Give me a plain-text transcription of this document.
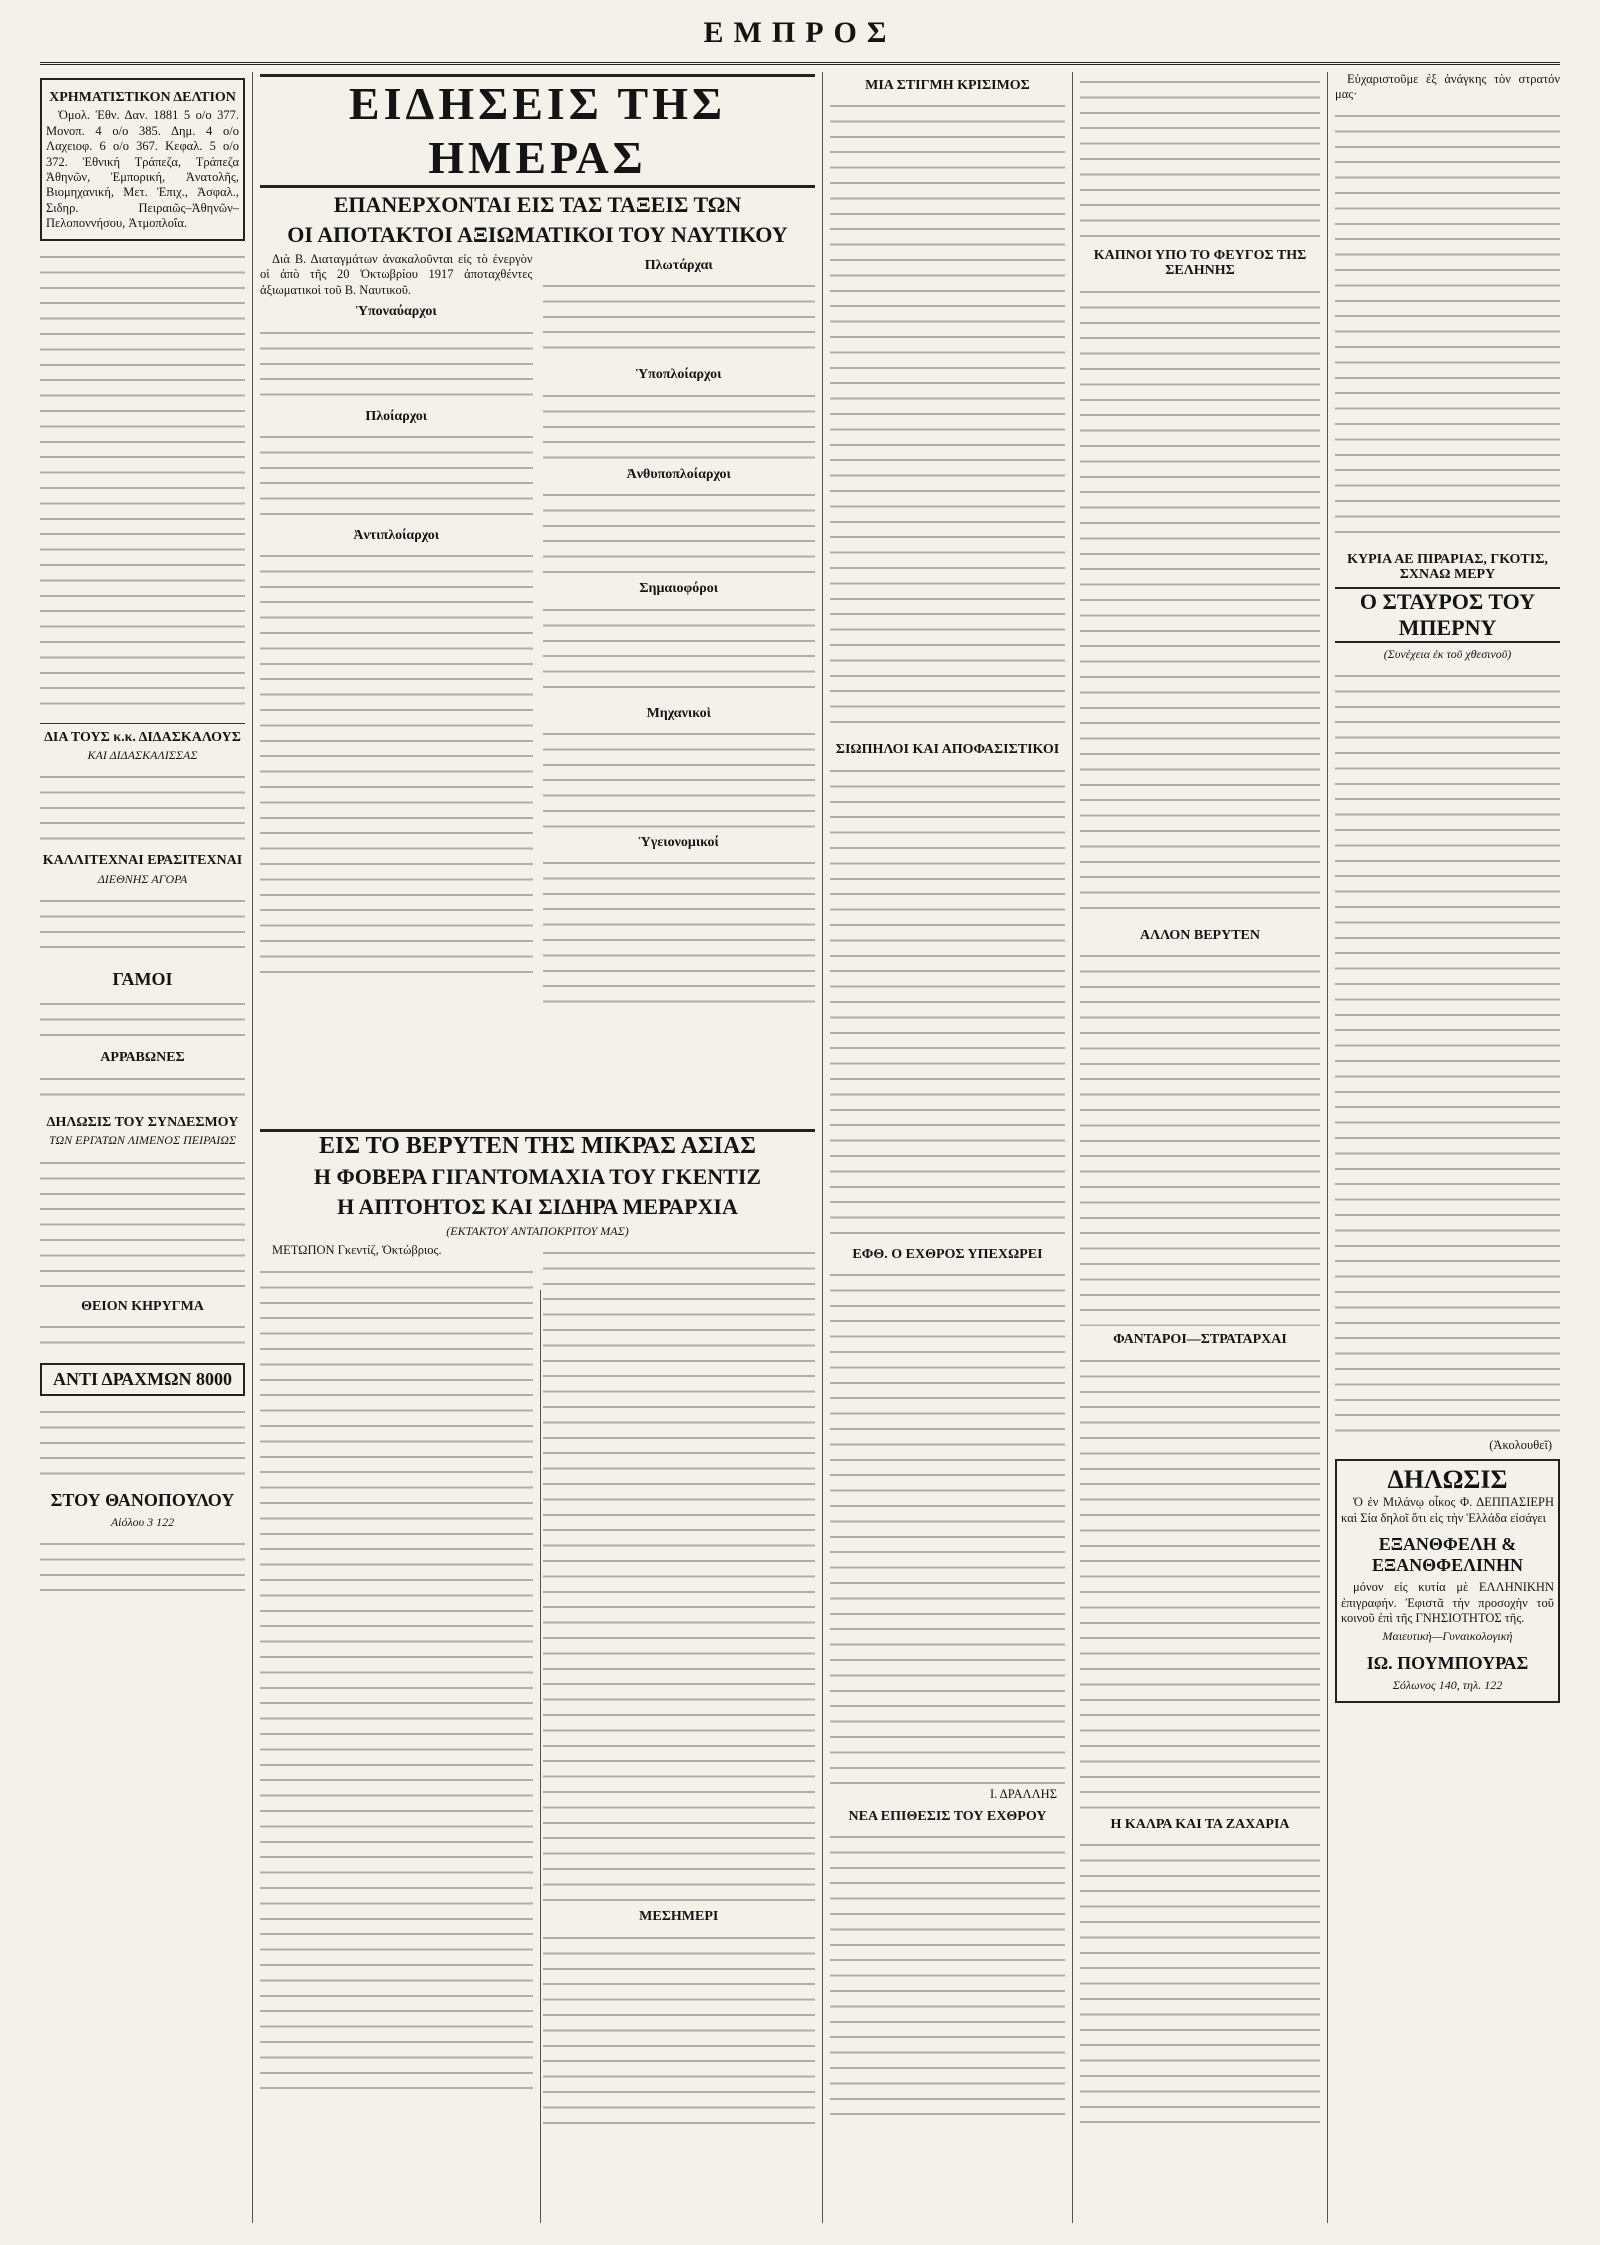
ΕΜΠΡΟΣ
ΧΡΗΜΑΤΙΣΤΙΚΟΝ ΔΕΛΤΙΟΝ

Ὁμολ. Ἐθν. Δαν. 1881 5 ο/ο 377. Μονοπ. 4 ο/ο 385. Δημ. 4 ο/ο Λαχειοφ. 6 ο/ο 367. Κεφαλ. 5 ο/ο 372. Ἐθνική Τράπεζα, Τράπεζα Ἀθηνῶν, Ἐμπορική, Ἀνατολῆς, Βιομηχανική, Μετ. Ἐπιχ., Ἀσφαλ., Σιδηρ. Πειραιῶς–Ἀθηνῶν–Πελοποννήσου, Ἀτμοπλοΐα.

ΔΙΑ ΤΟΥΣ κ.κ. ΔΙΔΑΣΚΑΛΟΥΣ
ΚΑΙ ΔΙΔΑΣΚΑΛΙΣΣΑΣ
ΚΑΛΛΙΤΕΧΝΑΙ ΕΡΑΣΙΤΕΧΝΑΙ
ΔΙΕΘΝΗΣ ΑΓΟΡΑ
ΓΑΜΟΙ
ΑΡΡΑΒΩΝΕΣ
ΔΗΛΩΣΙΣ ΤΟΥ ΣΥΝΔΕΣΜΟΥ
ΤΩΝ ΕΡΓΑΤΩΝ ΛΙΜΕΝΟΣ ΠΕΙΡΑΙΩΣ
ΘΕΙΟΝ ΚΗΡΥΓΜΑ
ΑΝΤΙ ΔΡΑΧΜΩΝ 8000
ΣΤΟΥ ΘΑΝΟΠΟΥΛΟΥ
Αἰόλου 3 122
ΕΙΔΗΣΕΙΣ ΤΗΣ ΗΜΕΡΑΣ
ΕΠΑΝΕΡΧΟΝΤΑΙ ΕΙΣ ΤΑΣ ΤΑΞΕΙΣ ΤΩΝ
ΟΙ ΑΠΟΤΑΚΤΟΙ ΑΞΙΩΜΑΤΙΚΟΙ ΤΟΥ ΝΑΥΤΙΚΟΥ

Διὰ Β. Διαταγμάτων ἀνακαλοῦνται εἰς τὸ ἐνεργὸν οἱ ἀπὸ τῆς 20 Ὀκτωβρίου 1917 ἀποταχθέντες ἀξιωματικοὶ τοῦ Β. Ναυτικοῦ.

Ὑποναύαρχοι
Πλοίαρχοι
Ἀντιπλοίαρχοι
Πλωτάρχαι
Ὑποπλοίαρχοι
Ἀνθυποπλοίαρχοι
Σημαιοφόροι
Μηχανικοὶ
Ὑγειονομικοί
ΕΙΣ ΤΟ ΒΕΡΥΤΕΝ ΤΗΣ ΜΙΚΡΑΣ ΑΣΙΑΣ
Η ΦΟΒΕΡΑ ΓΙΓΑΝΤΟΜΑΧΙΑ ΤΟΥ ΓΚΕΝΤΙΖ
Η ΑΠΤΟΗΤΟΣ ΚΑΙ ΣΙΔΗΡΑ ΜΕΡΑΡΧΙΑ
(ΕΚΤΑΚΤΟΥ ΑΝΤΑΠΟΚΡΙΤΟΥ ΜΑΣ)

ΜΕΤΩΠΟΝ Γκεντίζ, Ὀκτώβριος.

ΜΕΣΗΜΕΡΙ
ΜΙΑ ΣΤΙΓΜΗ ΚΡΙΣΙΜΟΣ
ΣΙΩΠΗΛΟΙ ΚΑΙ ΑΠΟΦΑΣΙΣΤΙΚΟΙ
ΕΦΘ. Ο ΕΧΘΡΟΣ ΥΠΕΧΩΡΕΙ
Ι. ΔΡΑΛΛΗΣ
ΝΕΑ ΕΠΙΘΕΣΙΣ ΤΟΥ ΕΧΘΡΟΥ
ΚΑΠΝΟΙ ΥΠΟ ΤΟ ΦΕΥΓΟΣ ΤΗΣ ΣΕΛΗΝΗΣ
ΑΛΛΟΝ ΒΕΡΥΤΕΝ
ΦΑΝΤΑΡΟΙ—ΣΤΡΑΤΑΡΧΑΙ
Η ΚΑΛΡΑ ΚΑΙ ΤΑ ΖΑΧΑΡΙΑ

Εὐχαριστοῦμε ἐξ ἀνάγκης τὸν στρατόν μας·

ΚΥΡΙΑ ΑΕ ΠΙΡΑΡΙΑΣ, ΓΚΟΤΙΣ, ΣΧΝΑΩ ΜΕΡΥ
Ο ΣΤΑΥΡΟΣ ΤΟΥ ΜΠΕΡΝΥ
(Συνέχεια ἐκ τοῦ χθεσινοῦ)
(Ἀκολουθεῖ)
ΔΗΛΩΣΙΣ

Ὁ ἐν Μιλάνῳ οἶκος Φ. ΔΕΠΠΑΣΙΕΡΗ καὶ Σία δηλοῖ ὅτι εἰς τὴν Ἑλλάδα εἰσάγει

ΕΞΑΝΘΦΕΛΗ & ΕΞΑΝΘΦΕΛΙΝΗΝ

μόνον εἰς κυτία μὲ ΕΛΛΗΝΙΚΗΝ ἐπιγραφήν. Ἐφιστᾶ τὴν προσοχὴν τοῦ κοινοῦ ἐπὶ τῆς ΓΝΗΣΙΟΤΗΤΟΣ τῆς.

Μαιευτικὴ—Γυναικολογική
ΙΩ. ΠΟΥΜΠΟΥΡΑΣ
Σόλωνος 140, τηλ. 122
